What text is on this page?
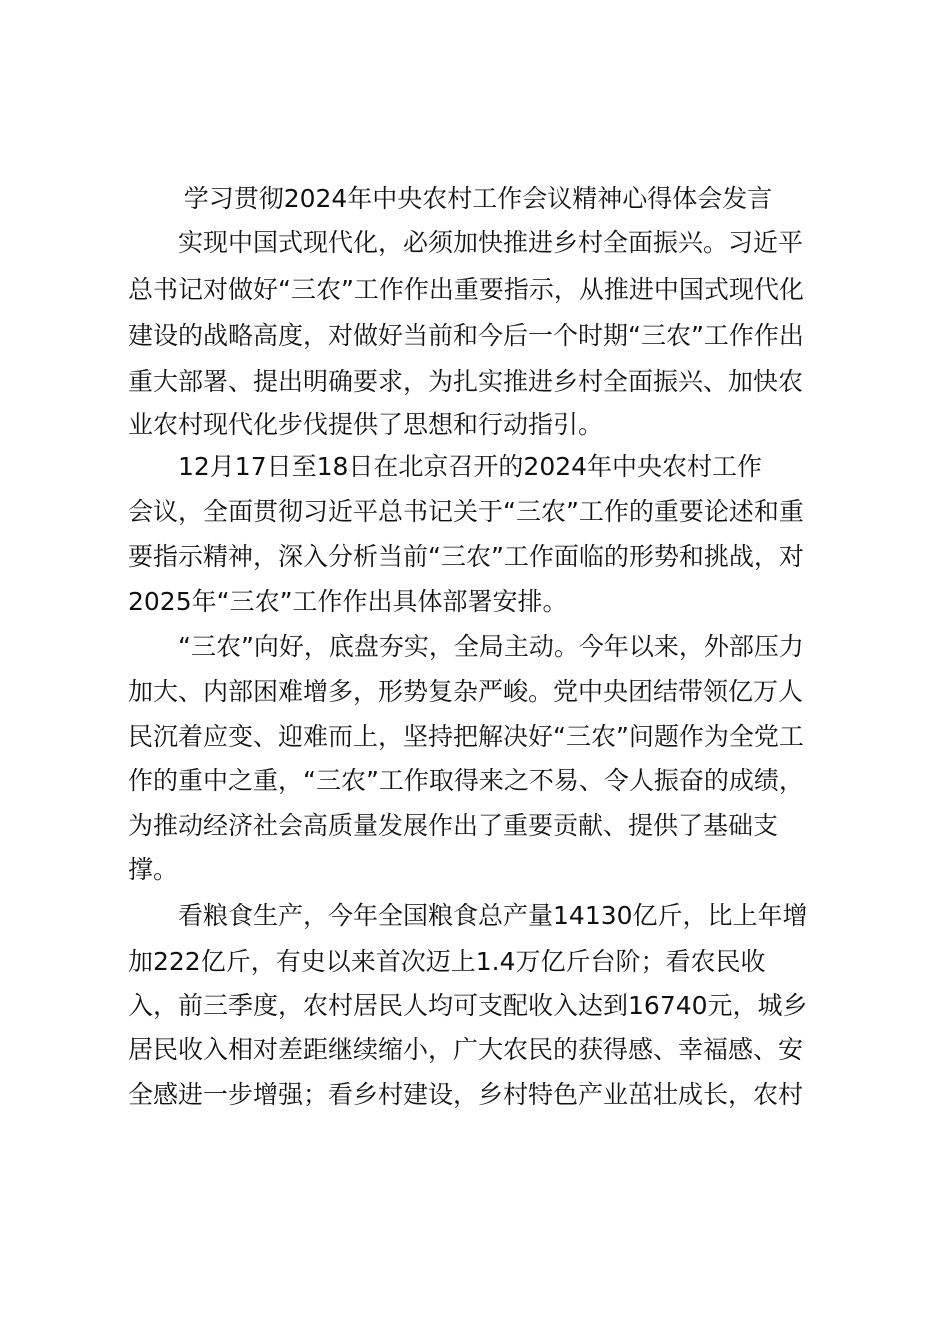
学习贯彻2024年中央农村工作会议精神心得体会发言

实现中国式现代化，必须加快推进乡村全面振兴。习近平

总书记对做好“三农”工作作出重要指示，从推进中国式现代化

建设的战略高度，对做好当前和今后一个时期“三农”工作作出

重大部署、提出明确要求，为扎实推进乡村全面振兴、加快农

业农村现代化步伐提供了思想和行动指引。

12月17日至18日在北京召开的2024年中央农村工作

会议，全面贯彻习近平总书记关于“三农”工作的重要论述和重

要指示精神，深入分析当前“三农”工作面临的形势和挑战，对

2025年“三农”工作作出具体部署安排。

“三农”向好，底盘夯实，全局主动。今年以来，外部压力

加大、内部困难增多，形势复杂严峻。党中央团结带领亿万人

民沉着应变、迎难而上，坚持把解决好“三农”问题作为全党工

作的重中之重，“三农”工作取得来之不易、令人振奋的成绩，

为推动经济社会高质量发展作出了重要贡献、提供了基础支

撑。

看粮食生产，今年全国粮食总产量14130亿斤，比上年增

加222亿斤，有史以来首次迈上1.4万亿斤台阶；看农民收

入，前三季度，农村居民人均可支配收入达到16740元，城乡

居民收入相对差距继续缩小，广大农民的获得感、幸福感、安

全感进一步增强；看乡村建设，乡村特色产业茁壮成长，农村
